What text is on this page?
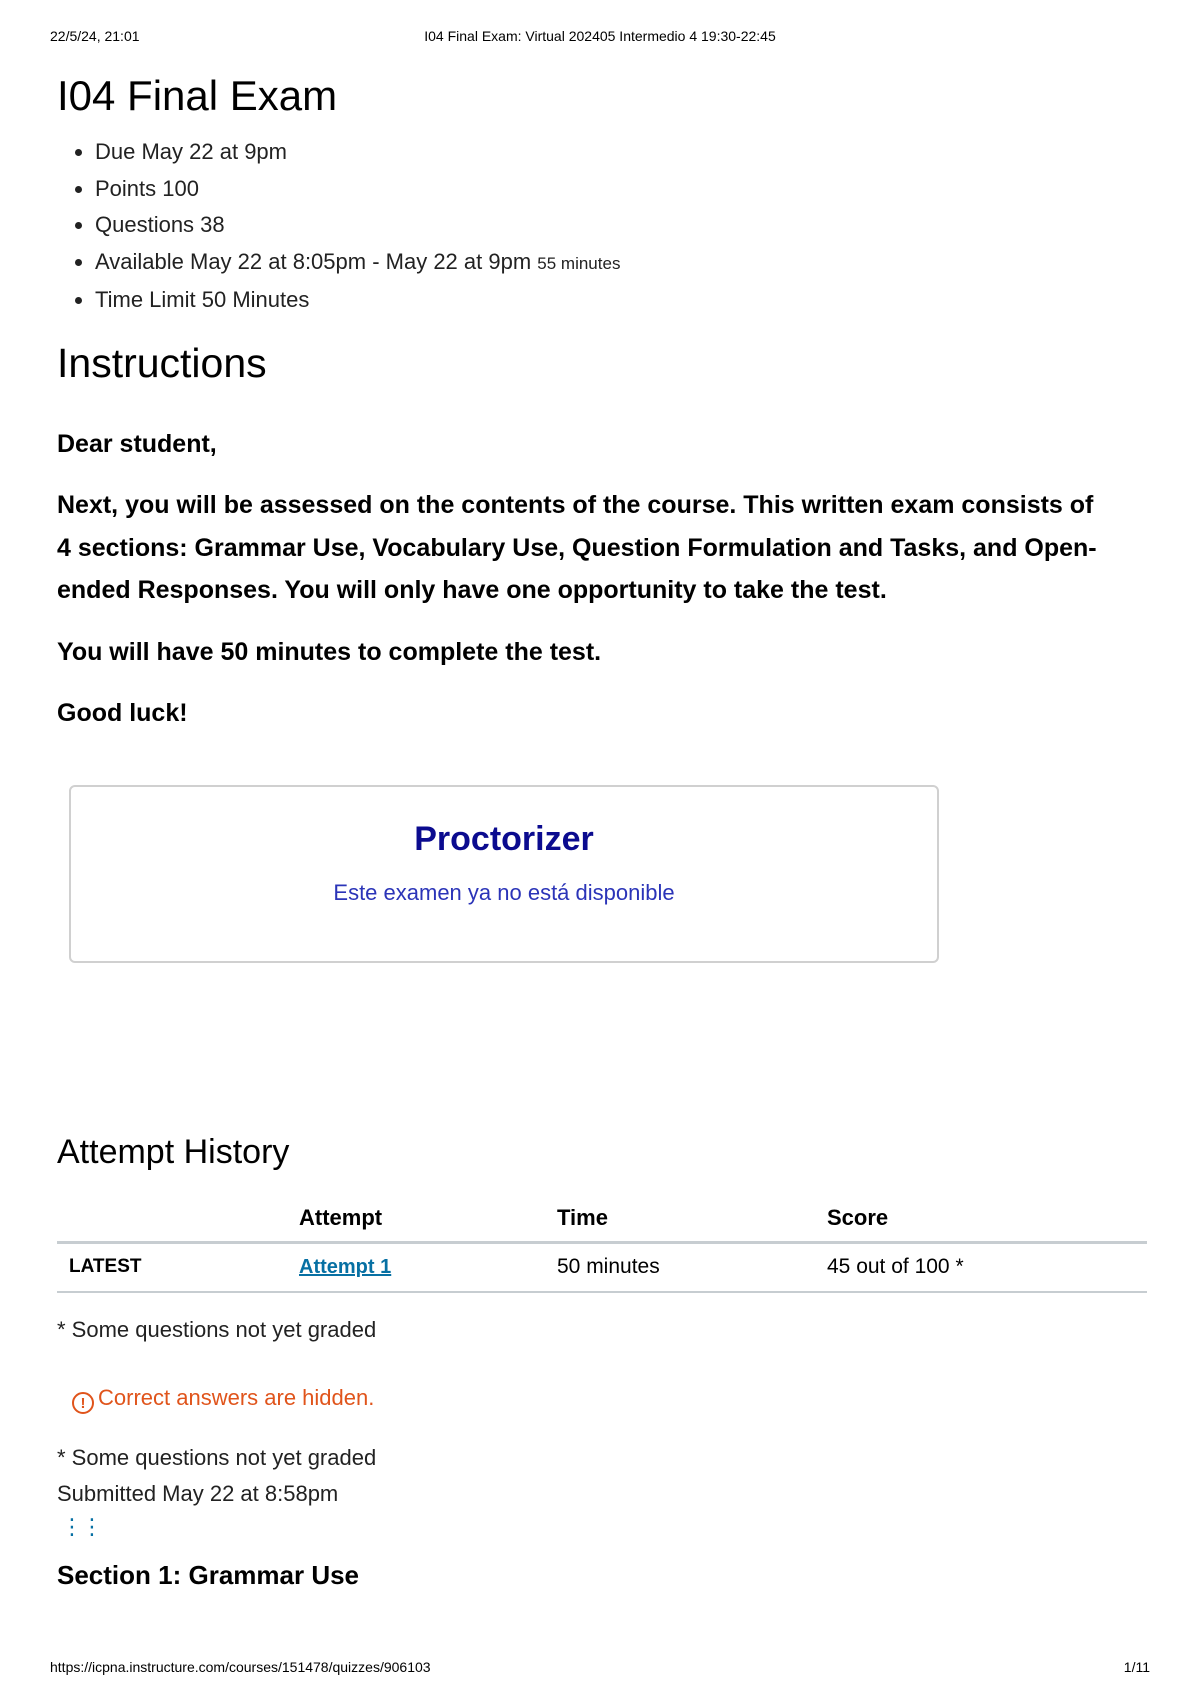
22/5/24, 21:01	I04 Final Exam: Virtual 202405 Intermedio 4 19:30-22:45
I04 Final Exam
• Due May 22 at 9pm
• Points 100
• Questions 38
• Available May 22 at 8:05pm - May 22 at 9pm 55 minutes
• Time Limit 50 Minutes
Instructions

Dear student,

Next, you will be assessed on the contents of the course. This written exam consists of 4 sections: Grammar Use, Vocabulary Use, Question Formulation and Tasks, and Open-ended Responses. You will only have one opportunity to take the test.

You will have 50 minutes to complete the test.

Good luck!

Proctorizer
Este examen ya no está disponible
Attempt History
	Attempt	Time	Score
LATEST	Attempt 1	50 minutes	45 out of 100 *
* Some questions not yet graded
! Correct answers are hidden.
* Some questions not yet graded
Submitted May 22 at 8:58pm
⋮⋮
Section 1: Grammar Use
https://icpna.instructure.com/courses/151478/quizzes/906103	1/11
